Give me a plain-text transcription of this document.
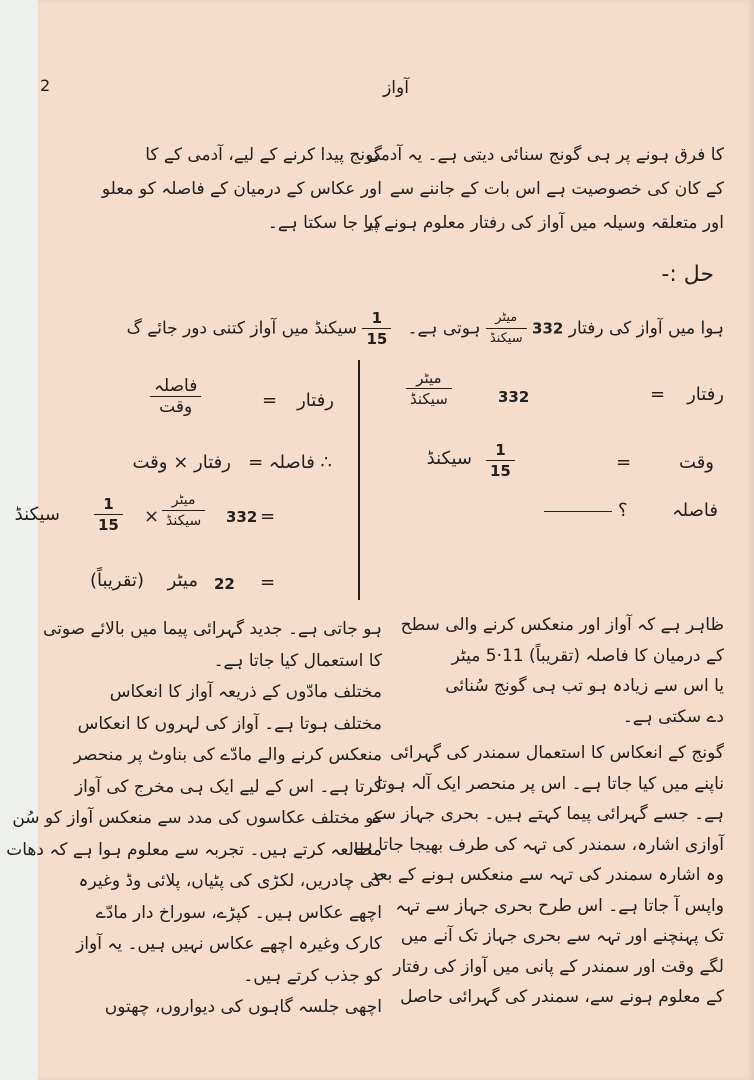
2	آواز
کا فرق ہونے پر ہی گونج سنائی دیتی ہے۔ یہ آدمی
کے کان کی خصوصیت ہے اس بات کے جاننے سے
اور متعلقہ وسیلہ میں آواز کی رفتار معلوم ہونے پر
گونج پیدا کرنے کے لیے، آدمی کے کا
اور عکاس کے درمیان کے فاصلہ کو معلو
کیا جا سکتا ہے۔
حل :-
ہوا میں آواز کی رفتار 332
$\frac{\text{میٹر}}{\text{سیکنڈ}}$
ہوتی ہے۔
$\frac{1}{15}$
سیکنڈ میں آواز کتنی دور جائے گ
رفتار
=
332
میٹر
سیکنڈ
وقت
=
$\frac{1}{15}$
سیکنڈ
فاصلہ
؟
رفتار
=
فاصلہ
وقت
∴ فاصلہ =   رفتار × وقت
=
332
میٹر
سیکنڈ
×
$\frac{1}{15}$
سیکنڈ
=
22
میٹر
(تقریباً)
ظاہر ہے کہ آواز اور منعکس کرنے والی سطح
کے درمیان کا فاصلہ (تقریباً) 11·5 میٹر
یا اس سے زیادہ ہو تب ہی گونج سُنائی
دے سکتی ہے۔
گونج کے انعکاس کا استعمال سمندر کی گہرائی
ناپنے میں کیا جاتا ہے۔ اس پر منحصر ایک آلہ ہوتا
ہے۔ جسے گہرائی پیما کہتے ہیں۔ بحری جہاز سے
آوازی اشارہ، سمندر کی تہہ کی طرف بھیجا جاتا ہے
وہ اشارہ سمندر کی تہہ سے منعکس ہونے کے بعد
واپس آ جاتا ہے۔ اس طرح بحری جہاز سے تہہ
تک پہنچنے اور تہہ سے بحری جہاز تک آنے میں
لگے وقت اور سمندر کے پانی میں آواز کی رفتار
کے معلوم ہونے سے، سمندر کی گہرائی حاصل
ہو جاتی ہے۔ جدید گہرائی پیما میں بالائے صوتی
کا استعمال کیا جاتا ہے۔
مختلف مادّوں کے ذریعہ آواز کا انعکاس
مختلف ہوتا ہے۔ آواز کی لہروں کا انعکاس
منعکس کرنے والے مادّے کی بناوٹ پر منحصر
کرتا ہے۔ اس کے لیے ایک ہی مخرج کی آواز
کو مختلف عکاسوں کی مدد سے منعکس آواز کو سُن
مطالعہ کرتے ہیں۔ تجربہ سے معلوم ہوا ہے کہ دھات
کی چادریں، لکڑی کی پٹیاں، پلائی وڈ وغیرہ
اچھے عکاس ہیں۔ کپڑے، سوراخ دار مادّے
کارک وغیرہ اچھے عکاس نہیں ہیں۔ یہ آواز
کو جذب کرتے ہیں۔
اچھی جلسہ گاہوں کی دیواروں، چھتوں
